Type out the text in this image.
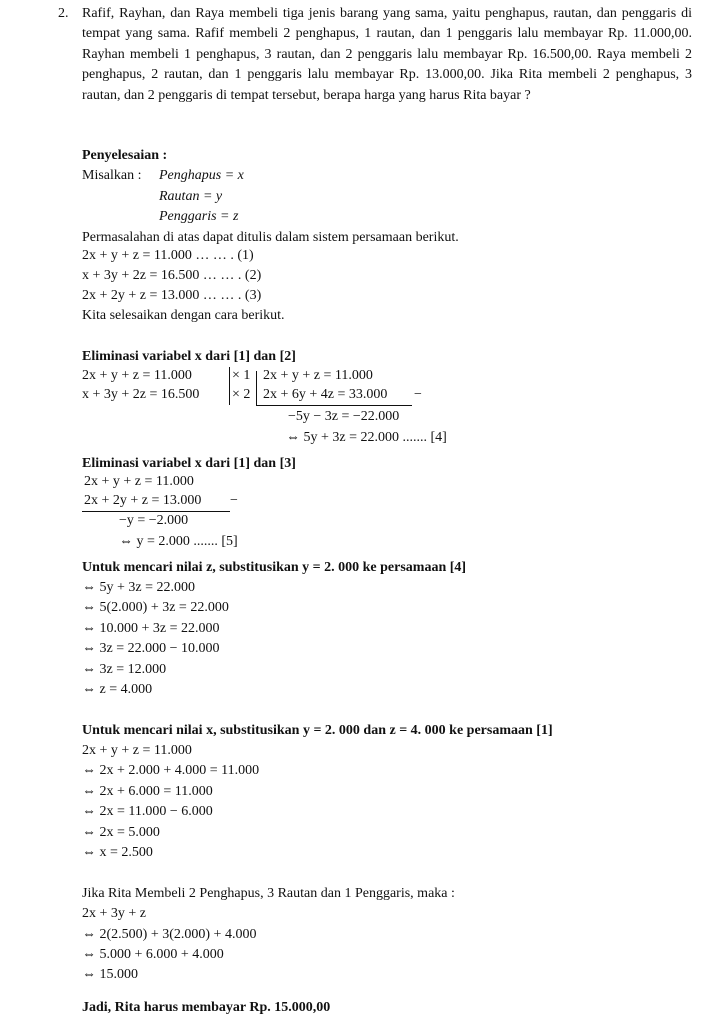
2. Rafif, Rayhan, dan Raya membeli tiga jenis barang yang sama, yaitu penghapus, rautan, dan penggaris di tempat yang sama. Rafif membeli 2 penghapus, 1 rautan, dan 1 penggaris lalu membayar Rp. 11.000,00. Rayhan membeli 1 penghapus, 3 rautan, dan 2 penggaris lalu membayar Rp. 16.500,00. Raya membeli 2 penghapus, 2 rautan, dan 1 penggaris lalu membayar Rp. 13.000,00. Jika Rita membeli 2 penghapus, 3 rautan, dan 2 penggaris di tempat tersebut, berapa harga yang harus Rita bayar ?
Penyelesaian :
Misalkan : Penghapus = x
Rautan = y
Penggaris = z
Permasalahan di atas dapat ditulis dalam sistem persamaan berikut.
2x + y + z = 11.000 … … . (1)
x + 3y + 2z = 16.500 … … . (2)
2x + 2y + z = 13.000 … … . (3)
Kita selesaikan dengan cara berikut.
Eliminasi variabel x dari [1] dan [2]
2x + y + z = 11.000
x + 3y + 2z = 16.500
× 1
× 2
2x + y + z = 11.000
2x + 6y + 4z = 33.000 −
−5y − 3z = −22.000
⇔ 5y + 3z = 22.000 ....... [4]
Eliminasi variabel x dari [1] dan [3]
2x + y + z = 11.000
2x + 2y + z = 13.000 −
−y = −2.000
⇔ y = 2.000 ....... [5]
Untuk mencari nilai z, substitusikan y = 2. 000 ke persamaan [4]
⇔ 5y + 3z = 22.000
⇔ 5(2.000) + 3z = 22.000
⇔ 10.000 + 3z = 22.000
⇔ 3z = 22.000 − 10.000
⇔ 3z = 12.000
⇔ z = 4.000
Untuk mencari nilai x, substitusikan y = 2. 000 dan z = 4. 000 ke persamaan [1]
2x + y + z = 11.000
⇔ 2x + 2.000 + 4.000 = 11.000
⇔ 2x + 6.000 = 11.000
⇔ 2x = 11.000 − 6.000
⇔ 2x = 5.000
⇔ x = 2.500
Jika Rita Membeli 2 Penghapus, 3 Rautan dan 1 Penggaris, maka :
2x + 3y + z
⇔ 2(2.500) + 3(2.000) + 4.000
⇔ 5.000 + 6.000 + 4.000
⇔ 15.000
Jadi, Rita harus membayar Rp. 15.000,00
